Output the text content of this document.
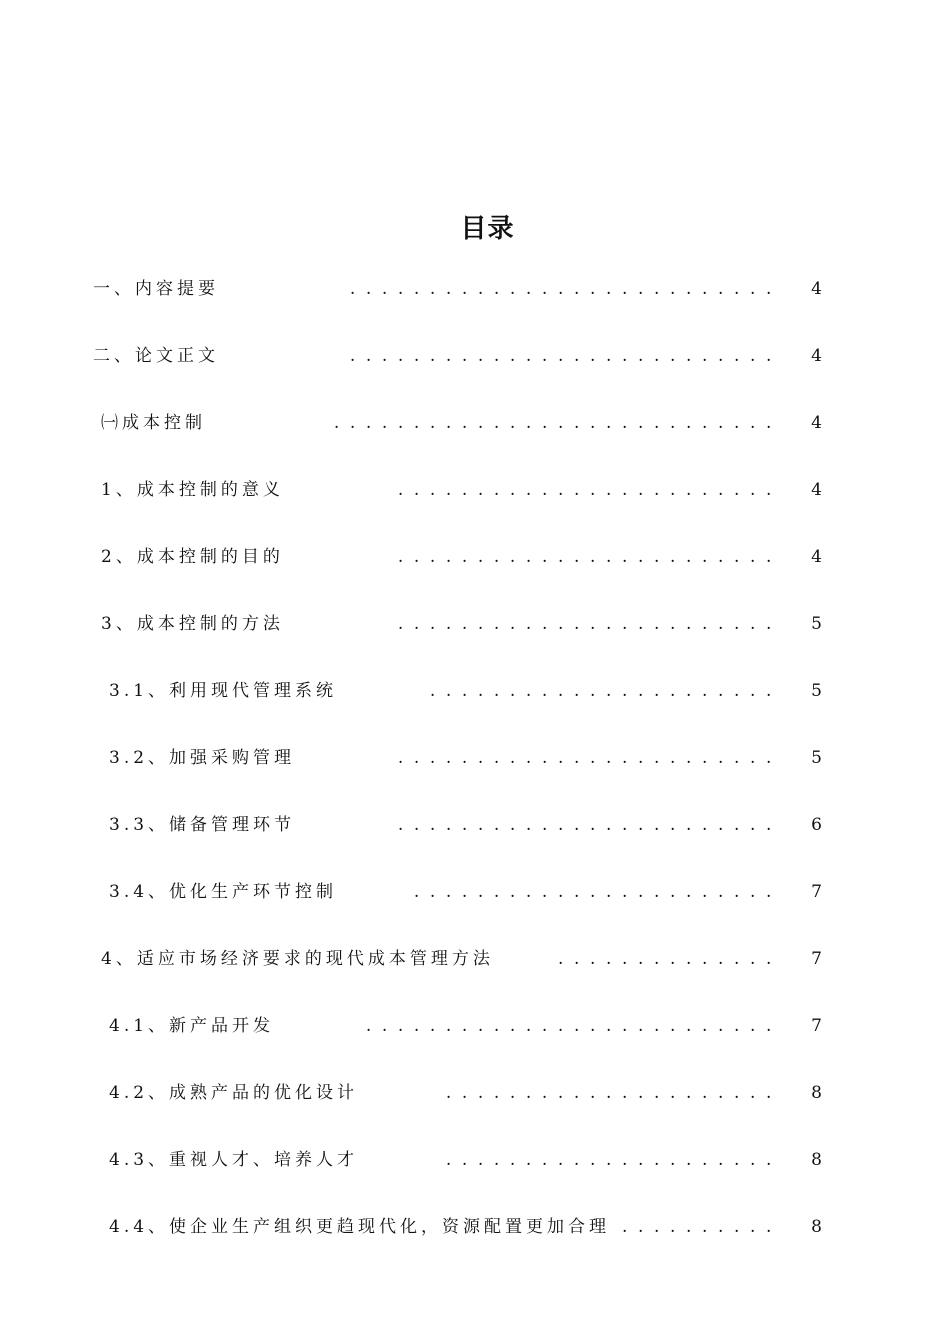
目录
一、内容提要	........................... 4
二、论文正文	........................... 4
㈠成本控制	............................ 4
1、成本控制的意义	........................ 4
2、成本控制的目的	........................ 4
3、成本控制的方法	........................ 5
3.1、利用现代管理系统	...................... 5
3.2、加强采购管理	........................ 5
3.3、储备管理环节	........................ 6
3.4、优化生产环节控制	....................... 7
4、适应市场经济要求的现代成本管理方法	.............. 7
4.1、新产品开发	.......................... 7
4.2、成熟产品的优化设计	..................... 8
4.3、重视人才、培养人才	..................... 8
4.4、使企业生产组织更趋现代化，资源配置更加合理 .......... 8
